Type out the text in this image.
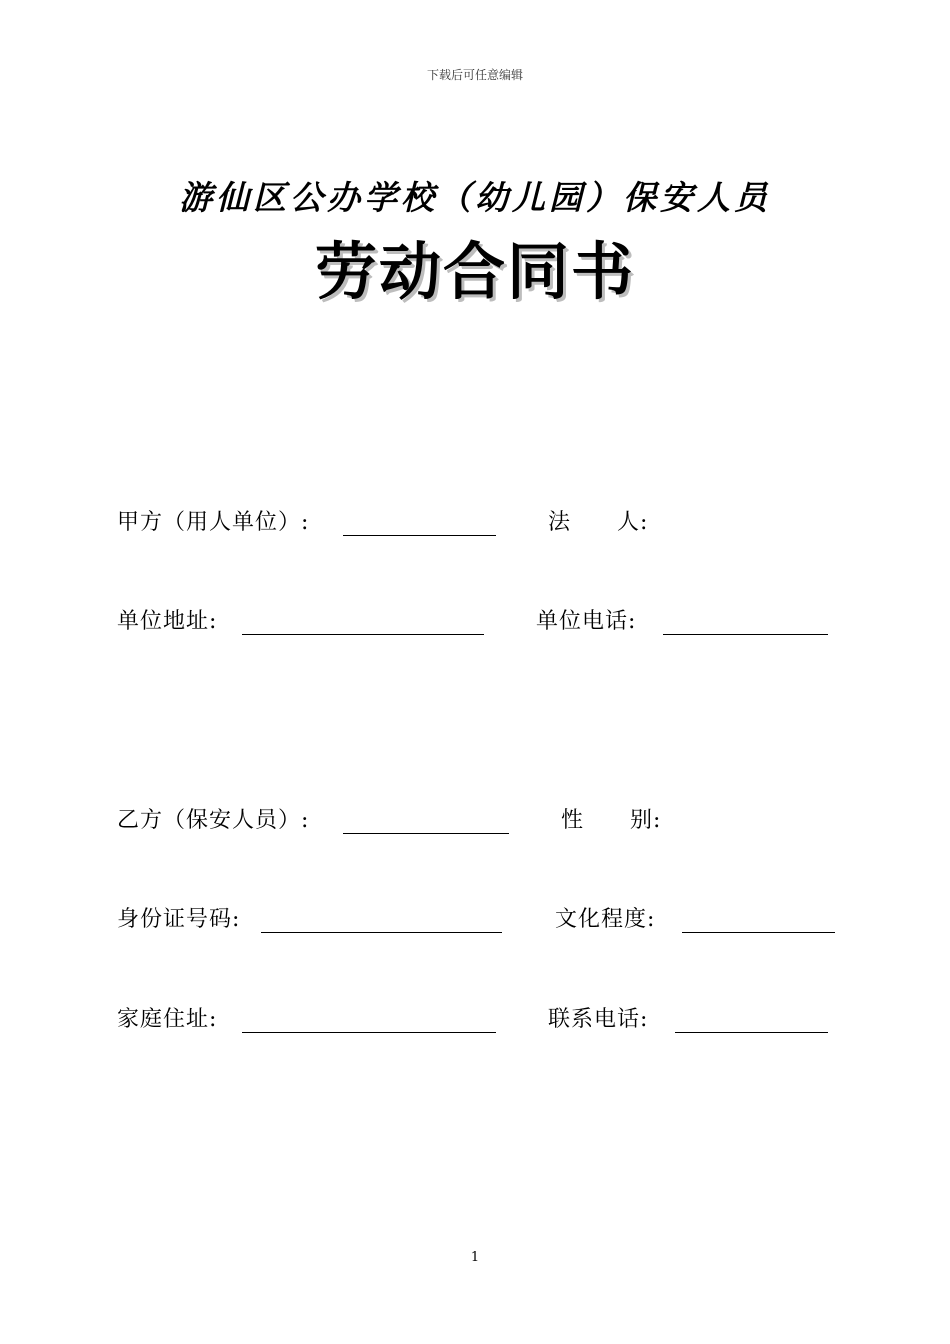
下载后可任意编辑
游仙区公办学校（幼儿园）保安人员
劳动合同书
甲方（用人单位）:	法　　人:
单位地址:	单位电话:
乙方（保安人员）:	性　　别:
身份证号码:	文化程度:
家庭住址:	联系电话:
1
